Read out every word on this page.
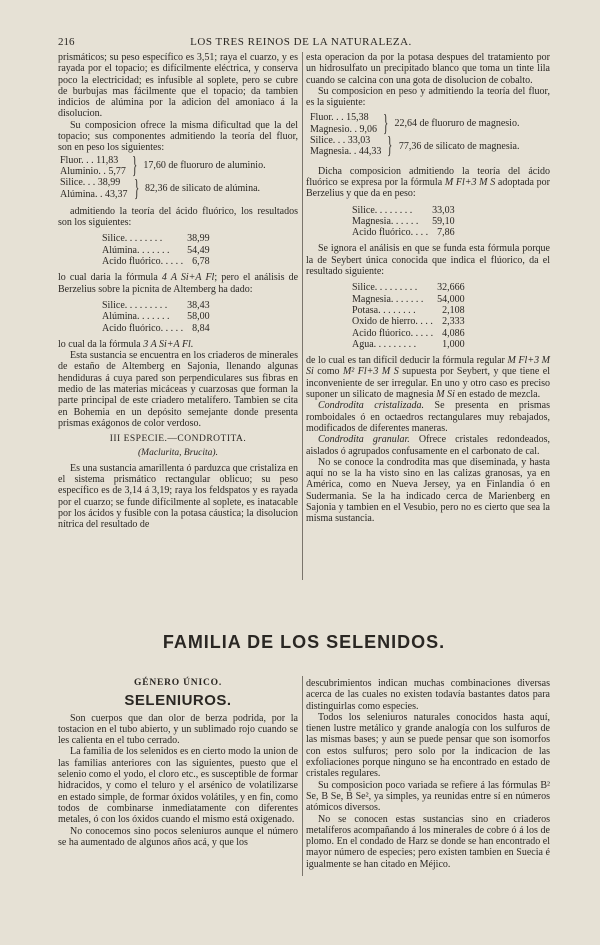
216	LOS TRES REINOS DE LA NATURALEZA.

prismáticos; su peso específico es 3,51; raya el cuarzo, y es rayada por el topacio; es difícilmente eléctrica, y conserva poco la electricidad; es infusible al soplete, pero se cubre de burbujas mas fácilmente que el topacio; da tambien indicios de alúmina por la adicion del amoniaco á la disolucion.

Su composicion ofrece la misma dificultad que la del topacio; sus componentes admitiendo la teoría del fluor, son en peso los siguientes:

Fluor. . . 11,83
Aluminio. . 5,77 } 17,60 de fluoruro de aluminio.
Silice. . . 38,99
Alúmina. . 43,37 } 82,36 de silicato de alúmina.

admitiendo la teoría del ácido fluórico, los resultados son los siguientes:

Silice. . . . . . . .	38,99
Alúmina. . . . . . .	54,49
Acido fluórico. . . . .	6,78

lo cual daria la fórmula 4 A Si+A Fl; pero el análisis de Berzelius sobre la picnita de Altemberg ha dado:

Silice. . . . . . . . .	38,43
Alúmina. . . . . . .	58,00
Acido fluórico. . . . .	8,84

lo cual da la fórmula 3 A Si+A Fl.

Esta sustancia se encuentra en los criaderos de minerales de estaño de Altemberg en Sajonia, llenando algunas hendiduras á cuya pared son perpendiculares sus fibras en medio de las materias micáceas y cuarzosas que forman la parte principal de este criadero metalífero. Tambien se cita en Bohemia en un depósito semejante donde presenta prismas exágonos de color verdoso.

III ESPECIE.—CONDROTITA.
(Maclurita, Brucita).

Es una sustancia amarillenta ó parduzca que cristaliza en el sistema prismático rectangular oblicuo; su peso específico es de 3,14 á 3,19; raya los feldspatos y es rayada por el cuarzo; se funde difícilmente al soplete, es inatacable por los ácidos y fusible con la potasa cáustica; la disolucion nítrica del resultado de

esta operacion da por la potasa despues del tratamiento por un hidrosulfato un precipitado blanco que toma un tinte lila cuando se calcina con una gota de disolucion de cobalto.

Su composicion en peso y admitiendo la teoría del fluor, es la siguiente:

Fluor. . . 15,38
Magnesio. . 9,06 } 22,64 de fluoruro de magnesio.
Silice. . . 33,03
Magnesia. . 44,33 } 77,36 de silicato de magnesia.

Dicha composicion admitiendo la teoría del ácido fluórico se expresa por la fórmula M Fl+3 M S adoptada por Berzelius y que da en peso:

Silice. . . . . . . .	33,03
Magnesia. . . . . .	59,10
Acido fluórico. . . .	7,86

Se ignora el análisis en que se funda esta fórmula porque la de Seybert única conocida que indica el flúorico, da el resultado siguiente:

Silice. . . . . . . . .	32,666
Magnesia. . . . . . .	54,000
Potasa. . . . . . . .	2,108
Oxido de hierro. . . .	2,333
Acido flúorico. . . . .	4,086
Agua. . . . . . . . .	1,000

de lo cual es tan difícil deducir la fórmula regular M Fl+3 M Si como M² Fl+3 M S supuesta por Seybert, y que tiene el inconveniente de ser irregular. En uno y otro caso es preciso suponer un silicato de magnesia M Si en estado de mezcla.

Condrodita cristalizada. Se presenta en prismas romboidales ó en octaedros rectangulares muy rebajados, modificados de diferentes maneras.

Condrodita granular. Ofrece cristales redondeados, aislados ó agrupados confusamente en el carbonato de cal.

No se conoce la condrodita mas que diseminada, y hasta aquí no se la ha visto sino en las calizas granosas, ya en América, como en Nueva Jersey, ya en Finlandia ó en Sudermania. Se la ha indicado cerca de Marienberg en Sajonia y tambien en el Vesubio, pero no es cierto que sea la misma sustancia.

FAMILIA DE LOS SELENIDOS.
GÉNERO ÚNICO.
SELENIUROS.

Son cuerpos que dan olor de berza podrida, por la tostacion en el tubo abierto, y un sublimado rojo cuando se les calienta en el tubo cerrado.

La familia de los selenidos es en cierto modo la union de las familias anteriores con las siguientes, puesto que el selenio como el yodo, el cloro etc., es susceptible de formar hidracidos, y como el teluro y el arsénico de volatilizarse en estado simple, de formar óxidos volátiles, y en fin, como todos de combinarse inmediatamente con diferentes metales, ó con los óxidos cuando el mismo está oxigenado.

No conocemos sino pocos seleniuros aunque el número se ha aumentado de algunos años acá, y que los

descubrimientos indican muchas combinaciones diversas acerca de las cuales no existen todavía bastantes datos para distinguirlas como especies.

Todos los seleniuros naturales conocidos hasta aquí, tienen lustre metálico y grande analogía con los sulfuros de las mismas bases; y aun se puede pensar que son isomorfos con estos sulfuros; pero solo por la indicacion de las exfoliaciones porque ninguno se ha encontrado en estado de cristales regulares.

Su composicion poco variada se refiere á las fórmulas B² Se, B Se, B Se², ya simples, ya reunidas entre sí en números atómicos diversos.

No se conocen estas sustancias sino en criaderos metalíferos acompañando á los minerales de cobre ó á los de plomo. En el condado de Harz se donde se han encontrado el mayor número de especies; pero existen tambien en Suecia é igualmente se han citado en Méjico.
